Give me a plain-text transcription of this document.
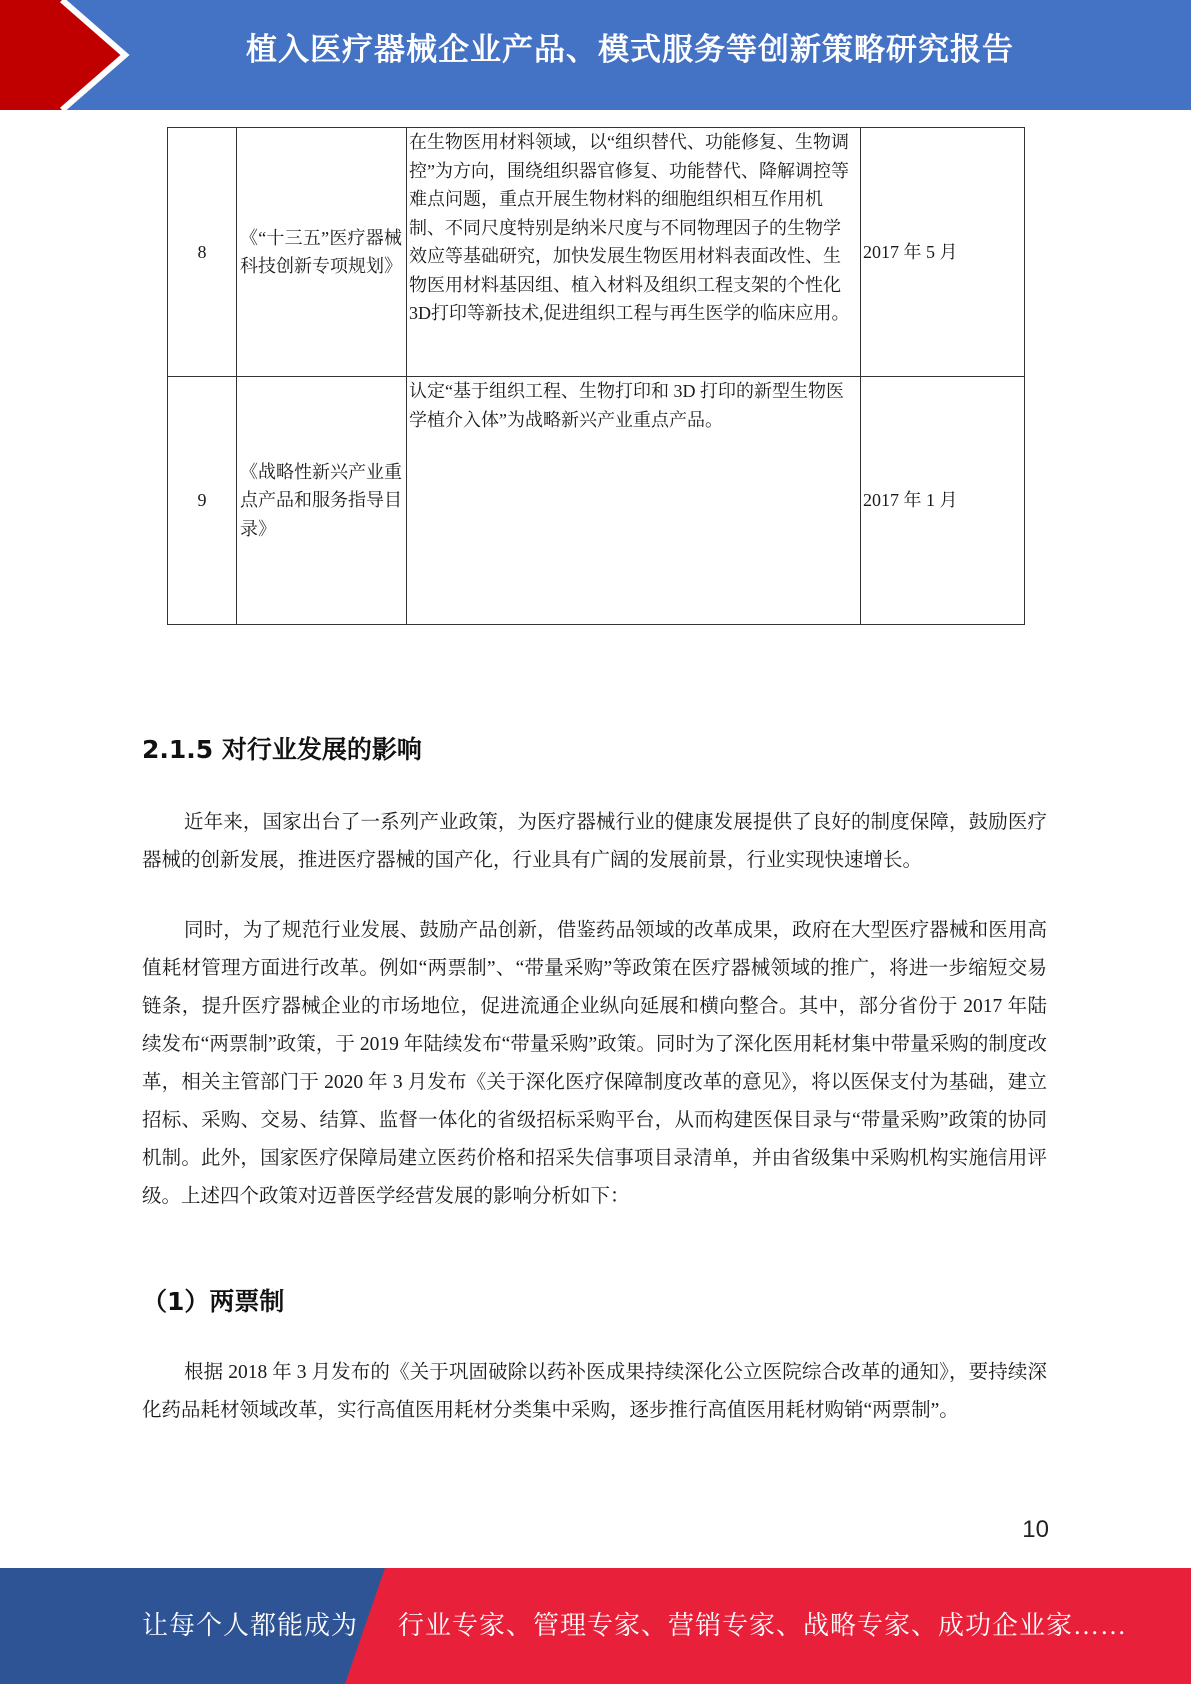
植入医疗器械企业产品、模式服务等创新策略研究报告
8	《“十三五”医疗器械科技创新专项规划》	在生物医用材料领域，以“组织替代、功能修复、生物调控”为方向，围绕组织器官修复、功能替代、降解调控等难点问题，重点开展生物材料的细胞组织相互作用机制、不同尺度特别是纳米尺度与不同物理因子的生物学效应等基础研究，加快发展生物医用材料表面改性、生物医用材料基因组、植入材料及组织工程支架的个性化3D打印等新技术,促进组织工程与再生医学的临床应用。	2017 年 5 月
9	《战略性新兴产业重点产品和服务指导目录》	认定“基于组织工程、生物打印和 3D 打印的新型生物医学植介入体”为战略新兴产业重点产品。	2017 年 1 月
2.1.5 对行业发展的影响
近年来，国家出台了一系列产业政策，为医疗器械行业的健康发展提供了良好的制度保障，鼓励医疗器械的创新发展，推进医疗器械的国产化，行业具有广阔的发展前景，行业实现快速增长。
同时，为了规范行业发展、鼓励产品创新，借鉴药品领域的改革成果，政府在大型医疗器械和医用高值耗材管理方面进行改革。例如“两票制”、“带量采购”等政策在医疗器械领域的推广，将进一步缩短交易链条，提升医疗器械企业的市场地位，促进流通企业纵向延展和横向整合。其中，部分省份于 2017 年陆续发布“两票制”政策，于 2019 年陆续发布“带量采购”政策。同时为了深化医用耗材集中带量采购的制度改革，相关主管部门于 2020 年 3 月发布《关于深化医疗保障制度改革的意见》，将以医保支付为基础，建立招标、采购、交易、结算、监督一体化的省级招标采购平台，从而构建医保目录与“带量采购”政策的协同机制。此外，国家医疗保障局建立医药价格和招采失信事项目录清单，并由省级集中采购机构实施信用评级。上述四个政策对迈普医学经营发展的影响分析如下：
（1）两票制
根据 2018 年 3 月发布的《关于巩固破除以药补医成果持续深化公立医院综合改革的通知》，要持续深化药品耗材领域改革，实行高值医用耗材分类集中采购，逐步推行高值医用耗材购销“两票制”。
10
让每个人都能成为 行业专家、管理专家、营销专家、战略专家、成功企业家……
